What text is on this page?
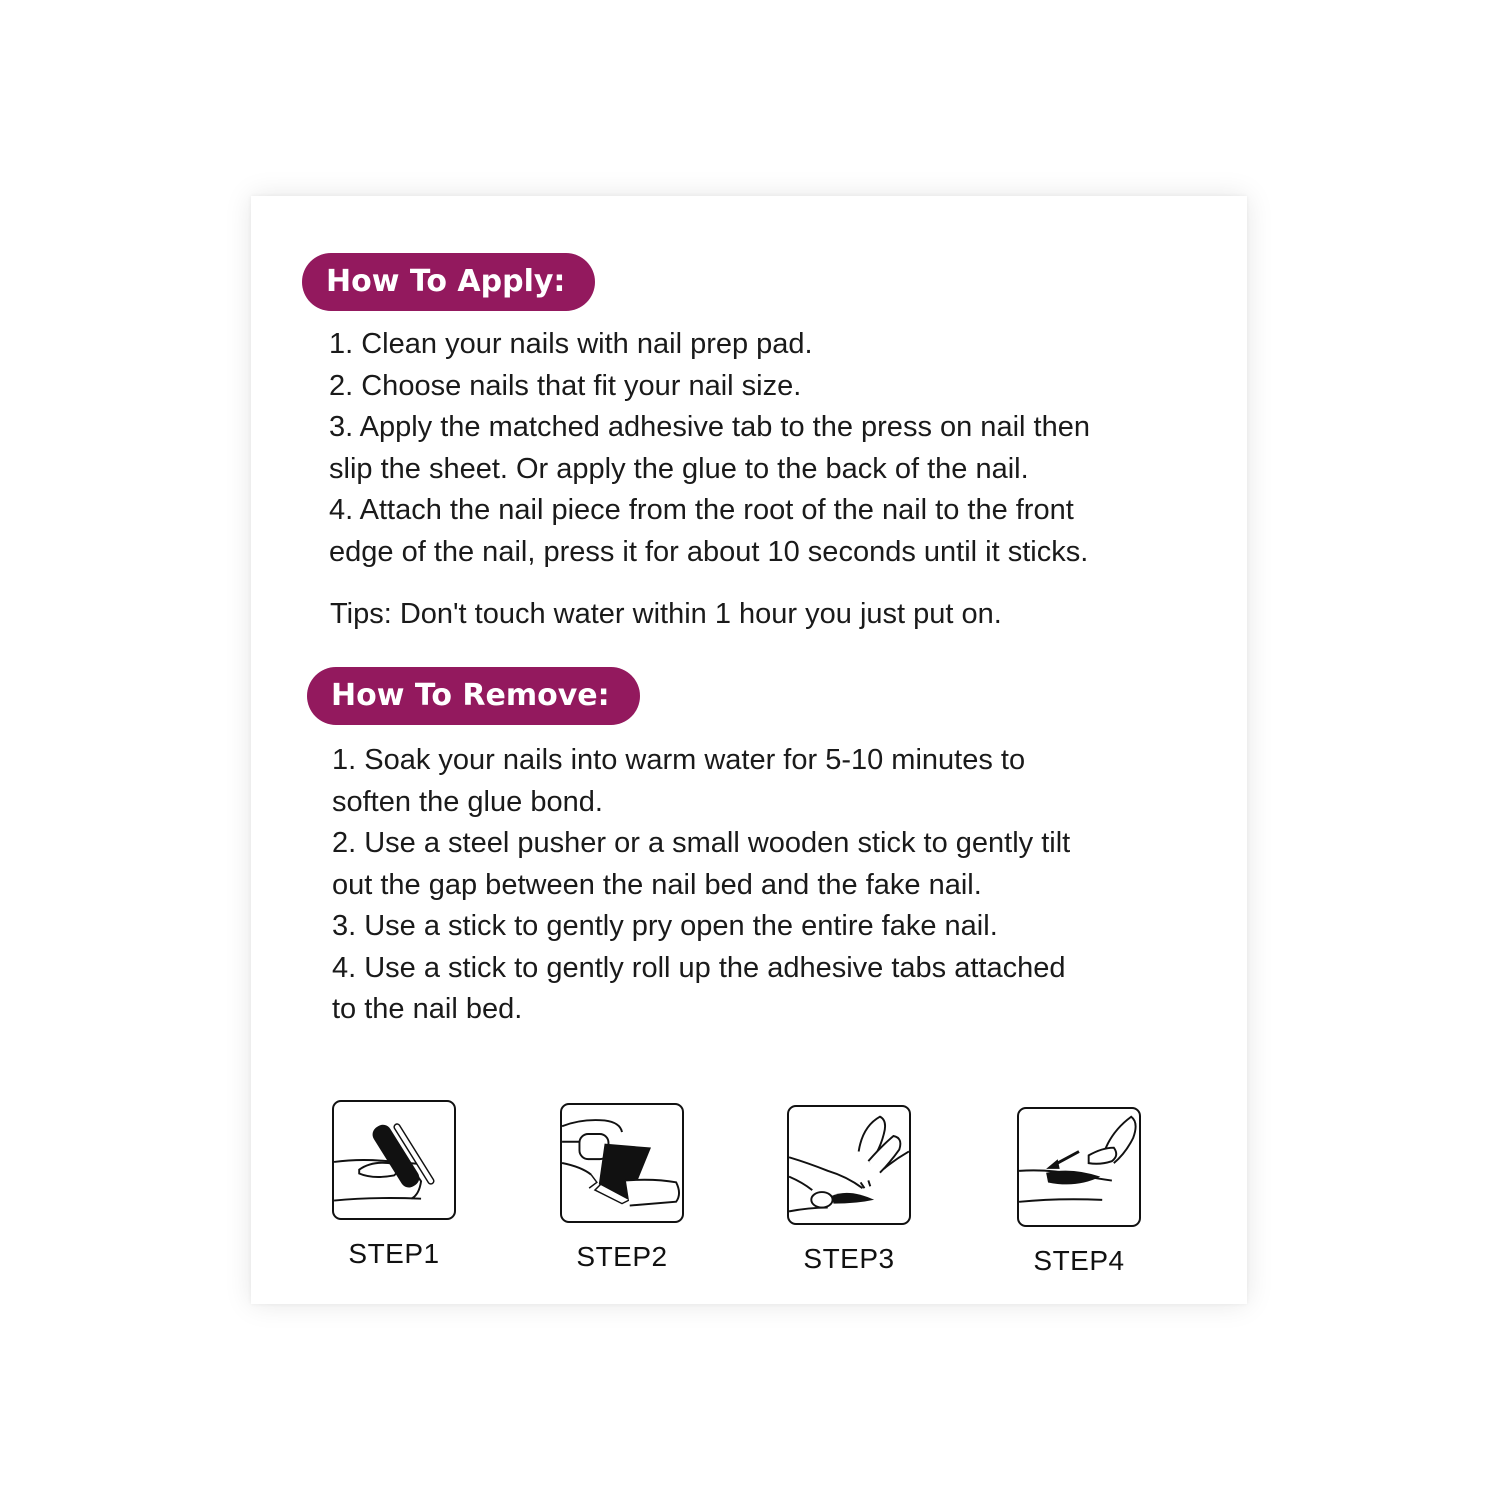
How To Apply:

1. Clean your nails with nail prep pad.

2. Choose nails that fit your nail size.

3. Apply the matched adhesive tab to the press on nail then

slip the sheet. Or apply the glue to the back of the nail.

4. Attach the nail piece from the root of the nail to the front

edge of the nail, press it for about 10 seconds until it sticks.

Tips: Don't touch water within 1 hour you just put on.
How To Remove:

1. Soak your nails into warm water for 5-10 minutes to

soften the glue bond.

2. Use a steel pusher or a small wooden stick to gently tilt

out the gap between the nail bed and the fake nail.

3. Use a stick to gently pry open the entire fake nail.

4. Use a stick to gently roll up the adhesive tabs attached

to the nail bed.

STEP1	STEP2	STEP3	STEP4
